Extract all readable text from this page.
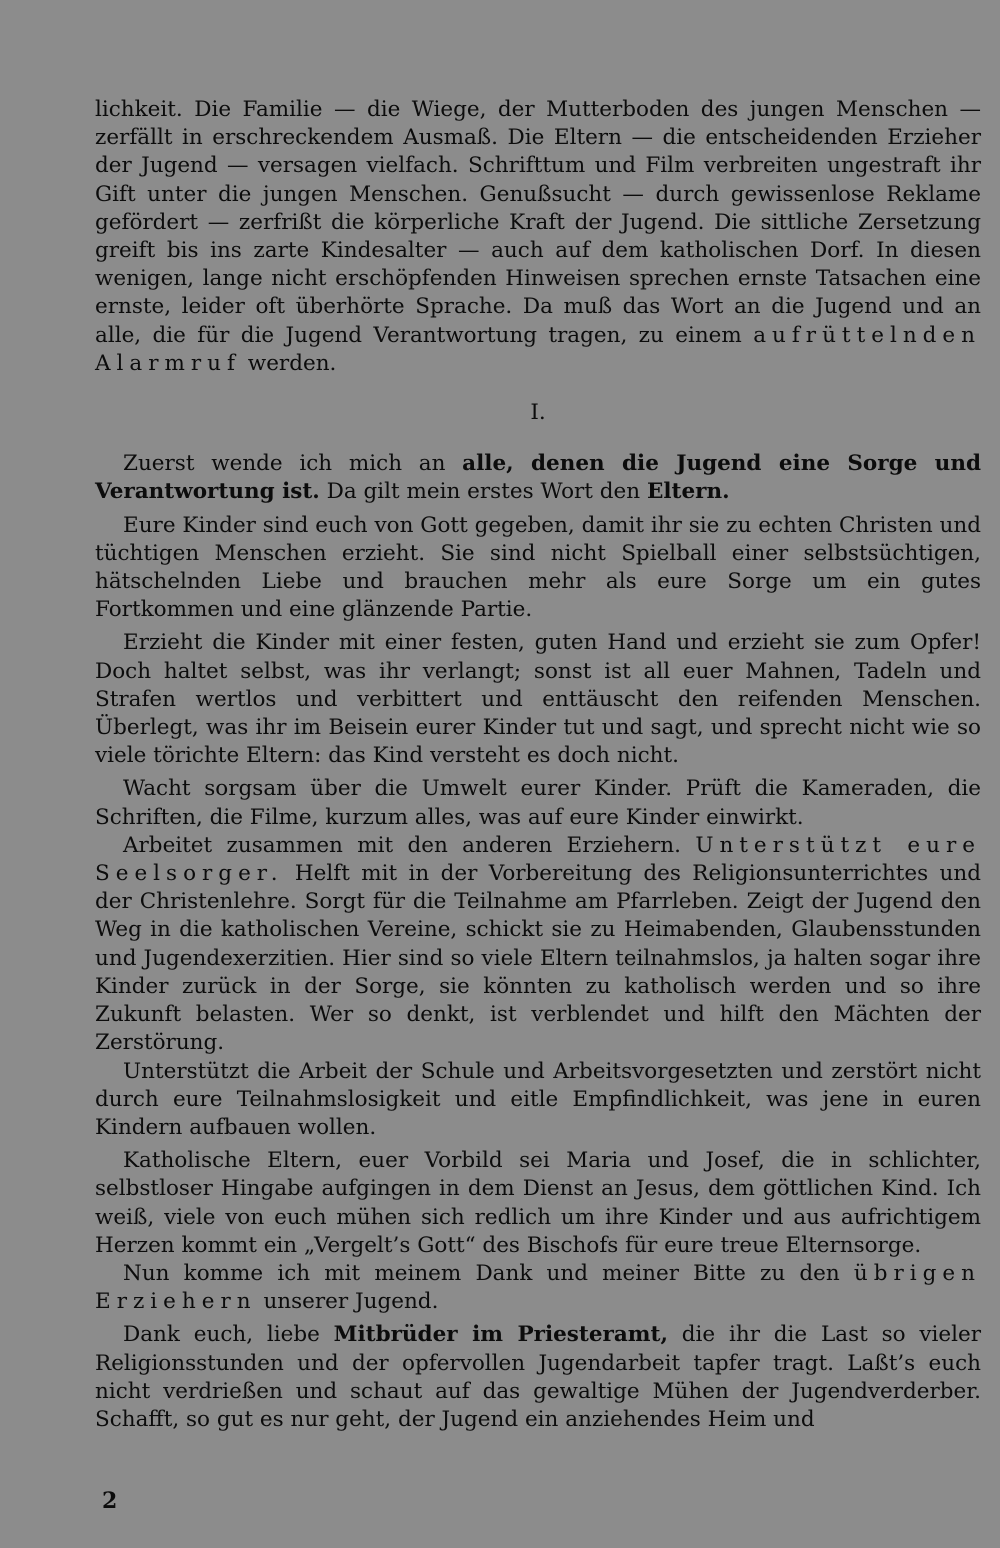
lichkeit. Die Familie — die Wiege, der Mutterboden des jungen Menschen — zerfällt in erschreckendem Ausmaß. Die Eltern — die entscheidenden Erzieher der Jugend — versagen vielfach. Schrifttum und Film verbreiten ungestraft ihr Gift unter die jungen Menschen. Genußsucht — durch gewissenlose Reklame gefördert — zerfrißt die körperliche Kraft der Jugend. Die sittliche Zersetzung greift bis ins zarte Kindesalter — auch auf dem katholischen Dorf. In diesen wenigen, lange nicht erschöpfenden Hinweisen sprechen ernste Tatsachen eine ernste, leider oft überhörte Sprache. Da muß das Wort an die Jugend und an alle, die für die Jugend Verantwortung tragen, zu einem aufrüttelnden Alarmruf werden.

I.

Zuerst wende ich mich an alle, denen die Jugend eine Sorge und Verantwortung ist. Da gilt mein erstes Wort den Eltern.

Eure Kinder sind euch von Gott gegeben, damit ihr sie zu echten Christen und tüchtigen Menschen erzieht. Sie sind nicht Spielball einer selbstsüchtigen, hätschelnden Liebe und brauchen mehr als eure Sorge um ein gutes Fortkommen und eine glänzende Partie.

Erzieht die Kinder mit einer festen, guten Hand und erzieht sie zum Opfer! Doch haltet selbst, was ihr verlangt; sonst ist all euer Mahnen, Tadeln und Strafen wertlos und verbittert und enttäuscht den reifenden Menschen. Überlegt, was ihr im Beisein eurer Kinder tut und sagt, und sprecht nicht wie so viele törichte Eltern: das Kind versteht es doch nicht.

Wacht sorgsam über die Umwelt eurer Kinder. Prüft die Kameraden, die Schriften, die Filme, kurzum alles, was auf eure Kinder einwirkt.

Arbeitet zusammen mit den anderen Erziehern. Unterstützt eure Seelsorger. Helft mit in der Vorbereitung des Religionsunterrichtes und der Christenlehre. Sorgt für die Teilnahme am Pfarrleben. Zeigt der Jugend den Weg in die katholischen Vereine, schickt sie zu Heimabenden, Glaubensstunden und Jugendexerzitien. Hier sind so viele Eltern teilnahmslos, ja halten sogar ihre Kinder zurück in der Sorge, sie könnten zu katholisch werden und so ihre Zukunft belasten. Wer so denkt, ist verblendet und hilft den Mächten der Zerstörung.

Unterstützt die Arbeit der Schule und Arbeitsvorgesetzten und zerstört nicht durch eure Teilnahmslosigkeit und eitle Empfindlichkeit, was jene in euren Kindern aufbauen wollen.

Katholische Eltern, euer Vorbild sei Maria und Josef, die in schlichter, selbstloser Hingabe aufgingen in dem Dienst an Jesus, dem göttlichen Kind. Ich weiß, viele von euch mühen sich redlich um ihre Kinder und aus aufrichtigem Herzen kommt ein „Vergelt’s Gott“ des Bischofs für eure treue Elternsorge.

Nun komme ich mit meinem Dank und meiner Bitte zu den übrigen Erziehern unserer Jugend.

Dank euch, liebe Mitbrüder im Priesteramt, die ihr die Last so vieler Religionsstunden und der opfervollen Jugendarbeit tapfer tragt. Laßt’s euch nicht verdrießen und schaut auf das gewaltige Mühen der Jugendverderber. Schafft, so gut es nur geht, der Jugend ein anziehendes Heim und

2
